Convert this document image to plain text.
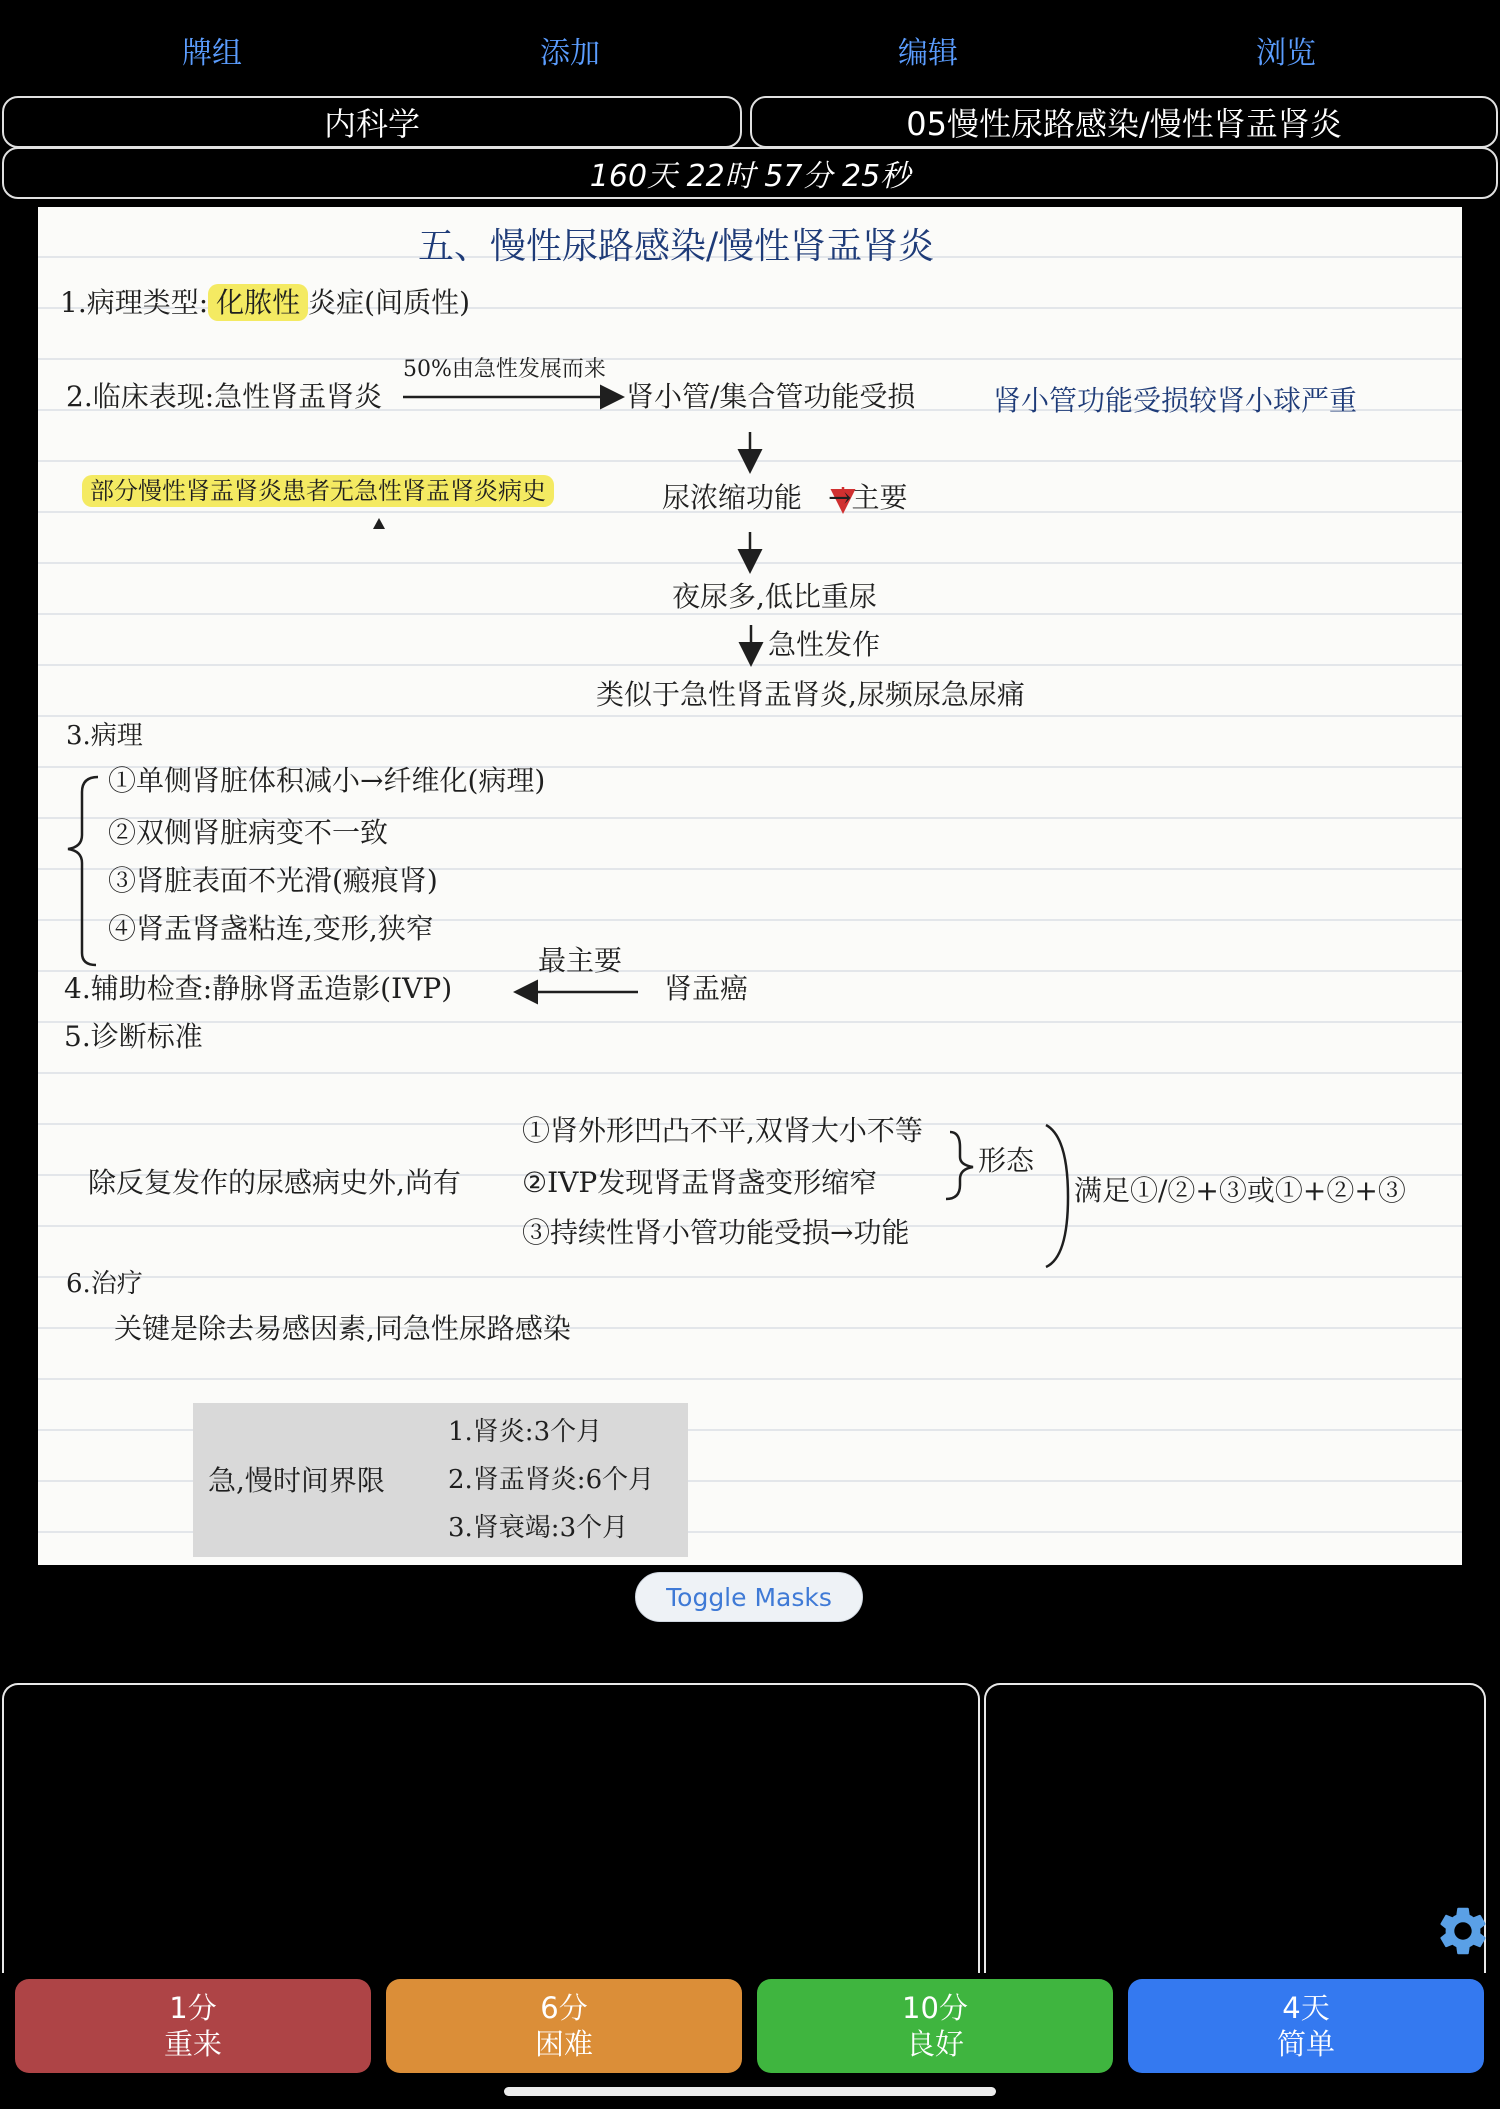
牌组	添加	编辑	浏览
内科学	05慢性尿路感染/慢性肾盂肾炎
160天 22时 57分 25秒
五、慢性尿路感染/慢性肾盂肾炎
1.病理类型: 化脓性 炎症(间质性)
2.临床表现:急性肾盂肾炎
50%由急性发展而来
肾小管/集合管功能受损	肾小管功能受损较肾小球严重
部分慢性肾盂肾炎患者无急性肾盂肾炎病史	尿浓缩功能 →主要
夜尿多,低比重尿
急性发作
类似于急性肾盂肾炎,尿频尿急尿痛
3.病理
①单侧肾脏体积减小→纤维化(病理)
②双侧肾脏病变不一致
③肾脏表面不光滑(瘢痕肾)
④肾盂肾盏粘连,变形,狭窄
4.辅助检查:静脉肾盂造影(IVP)
最主要
肾盂癌
5.诊断标准
除反复发作的尿感病史外,尚有
①肾外形凹凸不平,双肾大小不等
②IVP发现肾盂肾盏变形缩窄
③持续性肾小管功能受损→功能
形态
满足①/②+③或①+②+③
6.治疗
关键是除去易感因素,同急性尿路感染
急,慢时间界限
1.肾炎:3个月
2.肾盂肾炎:6个月
3.肾衰竭:3个月
Toggle Masks
1分
重来
6分
困难
10分
良好
4天
简单
